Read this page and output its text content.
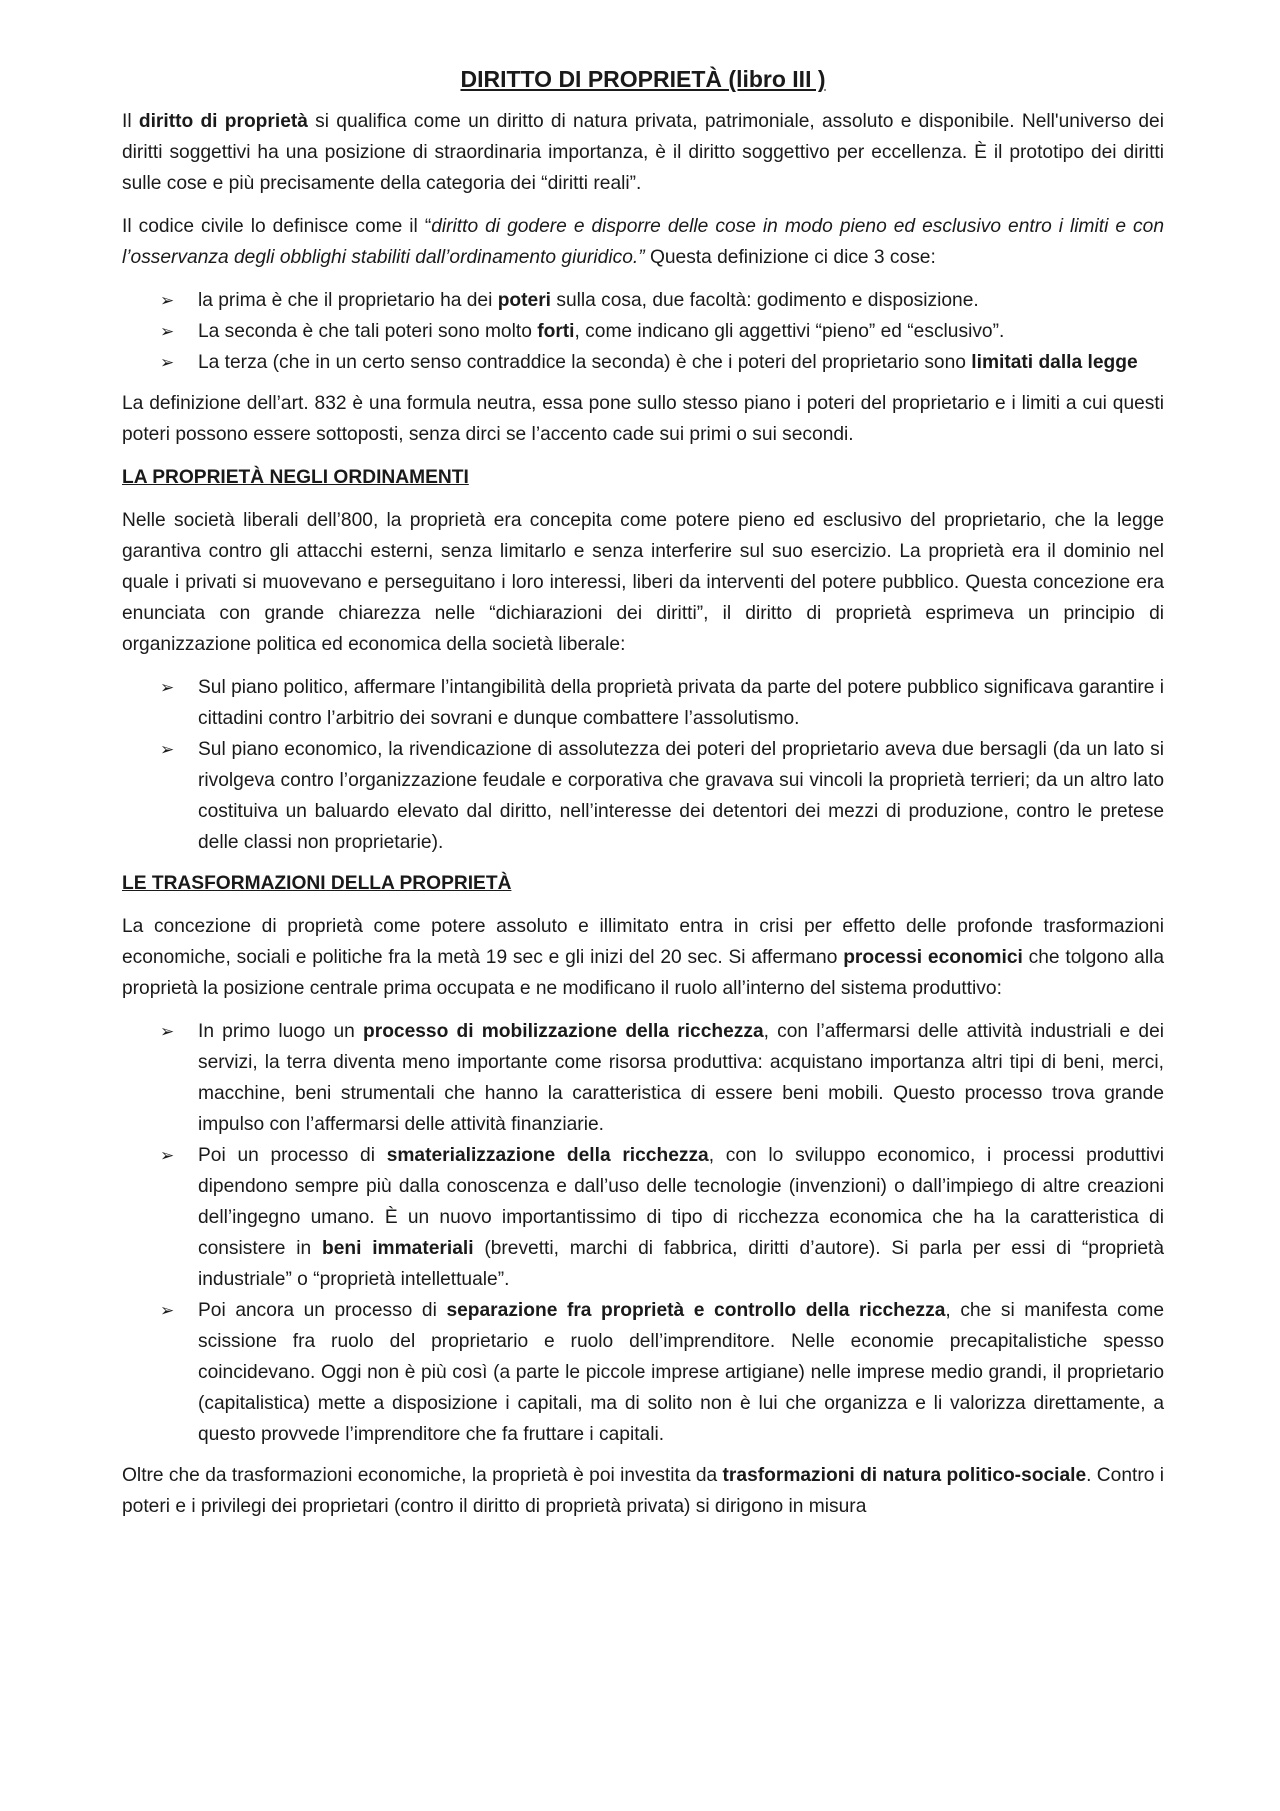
DIRITTO DI PROPRIETÀ (libro III )

Il diritto di proprietà si qualifica come un diritto di natura privata, patrimoniale, assoluto e disponibile. Nell'universo dei diritti soggettivi ha una posizione di straordinaria importanza, è il diritto soggettivo per eccellenza. È il prototipo dei diritti sulle cose e più precisamente della categoria dei “diritti reali”.

Il codice civile lo definisce come il “diritto di godere e disporre delle cose in modo pieno ed esclusivo entro i limiti e con l’osservanza degli obblighi stabiliti dall’ordinamento giuridico.” Questa definizione ci dice 3 cose:

➢ la prima è che il proprietario ha dei poteri sulla cosa, due facoltà: godimento e disposizione.
➢ La seconda è che tali poteri sono molto forti, come indicano gli aggettivi “pieno” ed “esclusivo”.
➢ La terza (che in un certo senso contraddice la seconda) è che i poteri del proprietario sono limitati dalla legge

La definizione dell’art. 832 è una formula neutra, essa pone sullo stesso piano i poteri del proprietario e i limiti a cui questi poteri possono essere sottoposti, senza dirci se l’accento cade sui primi o sui secondi.

LA PROPRIETÀ NEGLI ORDINAMENTI

Nelle società liberali dell’800, la proprietà era concepita come potere pieno ed esclusivo del proprietario, che la legge garantiva contro gli attacchi esterni, senza limitarlo e senza interferire sul suo esercizio. La proprietà era il dominio nel quale i privati si muovevano e perseguitano i loro interessi, liberi da interventi del potere pubblico. Questa concezione era enunciata con grande chiarezza nelle “dichiarazioni dei diritti”, il diritto di proprietà esprimeva un principio di organizzazione politica ed economica della società liberale:

➢ Sul piano politico, affermare l’intangibilità della proprietà privata da parte del potere pubblico significava garantire i cittadini contro l’arbitrio dei sovrani e dunque combattere l’assolutismo.
➢ Sul piano economico, la rivendicazione di assolutezza dei poteri del proprietario aveva due bersagli (da un lato si rivolgeva contro l’organizzazione feudale e corporativa che gravava sui vincoli la proprietà terrieri; da un altro lato costituiva un baluardo elevato dal diritto, nell’interesse dei detentori dei mezzi di produzione, contro le pretese delle classi non proprietarie).
LE TRASFORMAZIONI DELLA PROPRIETÀ

La concezione di proprietà come potere assoluto e illimitato entra in crisi per effetto delle profonde trasformazioni economiche, sociali e politiche fra la metà 19 sec e gli inizi del 20 sec. Si affermano processi economici che tolgono alla proprietà la posizione centrale prima occupata e ne modificano il ruolo all’interno del sistema produttivo:

➢ In primo luogo un processo di mobilizzazione della ricchezza, con l’affermarsi delle attività industriali e dei servizi, la terra diventa meno importante come risorsa produttiva: acquistano importanza altri tipi di beni, merci, macchine, beni strumentali che hanno la caratteristica di essere beni mobili. Questo processo trova grande impulso con l’affermarsi delle attività finanziarie.
➢ Poi un processo di smaterializzazione della ricchezza, con lo sviluppo economico, i processi produttivi dipendono sempre più dalla conoscenza e dall’uso delle tecnologie (invenzioni) o dall’impiego di altre creazioni dell’ingegno umano. È un nuovo importantissimo di tipo di ricchezza economica che ha la caratteristica di consistere in beni immateriali (brevetti, marchi di fabbrica, diritti d’autore). Si parla per essi di “proprietà industriale” o “proprietà intellettuale”.
➢ Poi ancora un processo di separazione fra proprietà e controllo della ricchezza, che si manifesta come scissione fra ruolo del proprietario e ruolo dell’imprenditore. Nelle economie precapitalistiche spesso coincidevano. Oggi non è più così (a parte le piccole imprese artigiane) nelle imprese medio grandi, il proprietario (capitalistica) mette a disposizione i capitali, ma di solito non è lui che organizza e li valorizza direttamente, a questo provvede l’imprenditore che fa fruttare i capitali.

Oltre che da trasformazioni economiche, la proprietà è poi investita da trasformazioni di natura politico-sociale. Contro i poteri e i privilegi dei proprietari (contro il diritto di proprietà privata) si dirigono in misura
